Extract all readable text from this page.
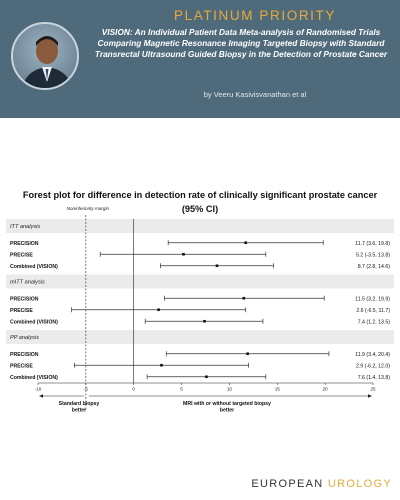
PLATINUM PRIORITY
VISION: An Individual Patient Data Meta-analysis of Randomised Trials Comparing Magnetic Resonance Imaging Targeted Biopsy with Standard Transrectal Ultrasound Guided Biopsy in the Detection of Prostate Cancer
by Veeru Kasivisvanathan et al
Forest plot for difference in detection rate of clinically significant prostate cancer (95% CI)
Noninferiority margin
ITT analysis
PRECISION	11.7 (3.6, 19.8)
PRECISE	5.2 (-3.5, 13.8)
Combined (VISION)	8.7 (2.8, 14.6)
mITT analysis
PRECISION	11.5 (3.2, 19.9)
PRECISE	2.6 (-6.5, 11.7)
Combined (VISION)	7.4 (1.2, 13.5)
PP analysis
PRECISION	11.9 (3.4, 20.4)
PRECISE	2.9 (-6.2, 12.0)
Combined (VISION)	7.6 (1.4, 13.8)
-10	-5	0	5	10	15	20	25
Standard biopsy better
MRI with or without targeted biopsy better
EUROPEAN UROLOGY
